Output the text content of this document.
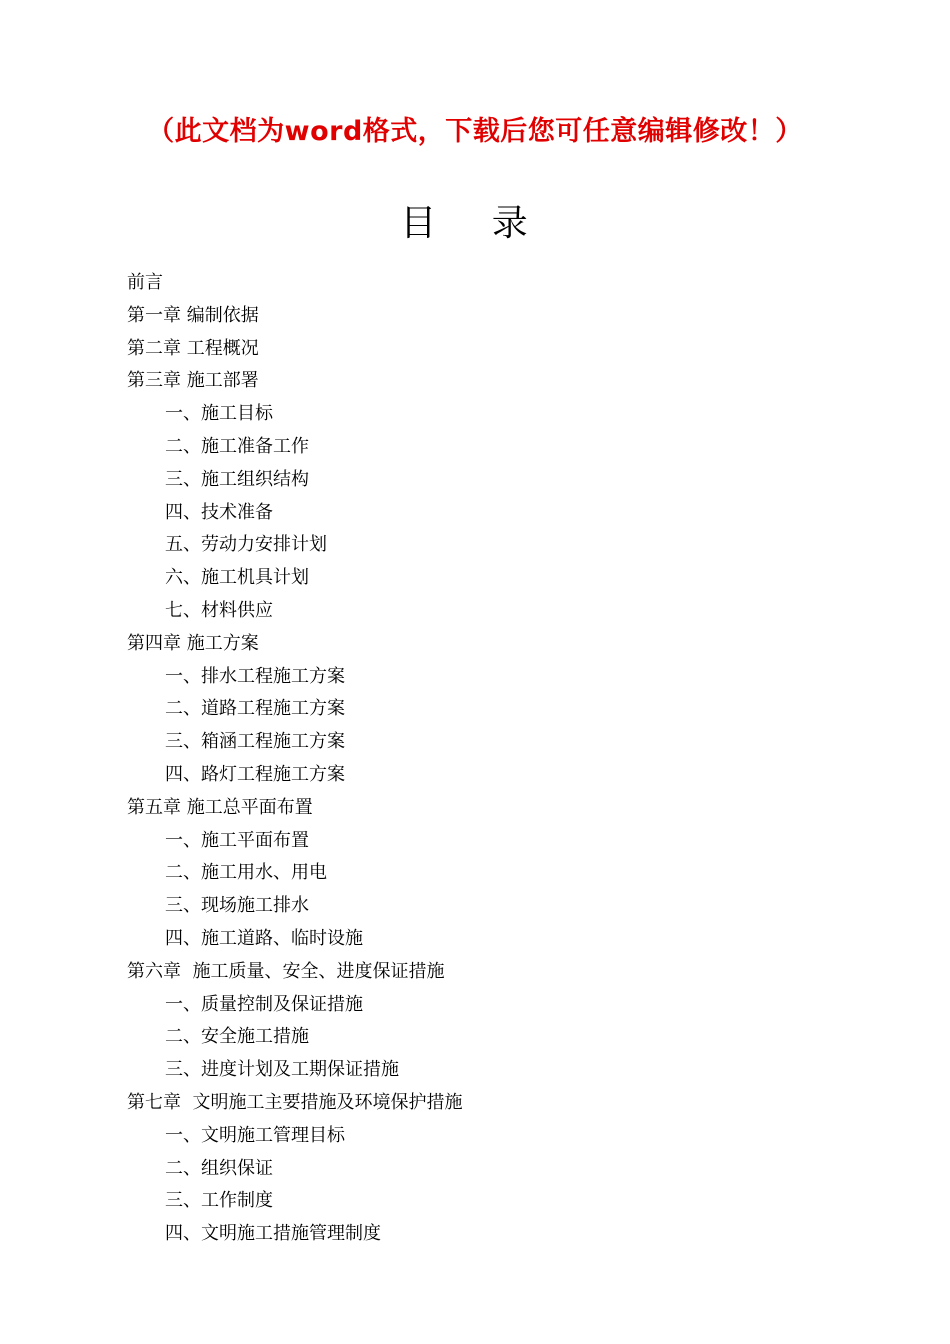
（此文档为word格式，下载后您可任意编辑修改！）
目 录
前言
第一章 编制依据
第二章 工程概况
第三章 施工部署
一、施工目标
二、施工准备工作
三、施工组织结构
四、技术准备
五、劳动力安排计划
六、施工机具计划
七、材料供应
第四章 施工方案
一、排水工程施工方案
二、道路工程施工方案
三、箱涵工程施工方案
四、路灯工程施工方案
第五章 施工总平面布置
一、施工平面布置
二、施工用水、用电
三、现场施工排水
四、施工道路、临时设施
第六章  施工质量、安全、进度保证措施
一、质量控制及保证措施
二、安全施工措施
三、进度计划及工期保证措施
第七章  文明施工主要措施及环境保护措施
一、文明施工管理目标
二、组织保证
三、工作制度
四、文明施工措施管理制度
